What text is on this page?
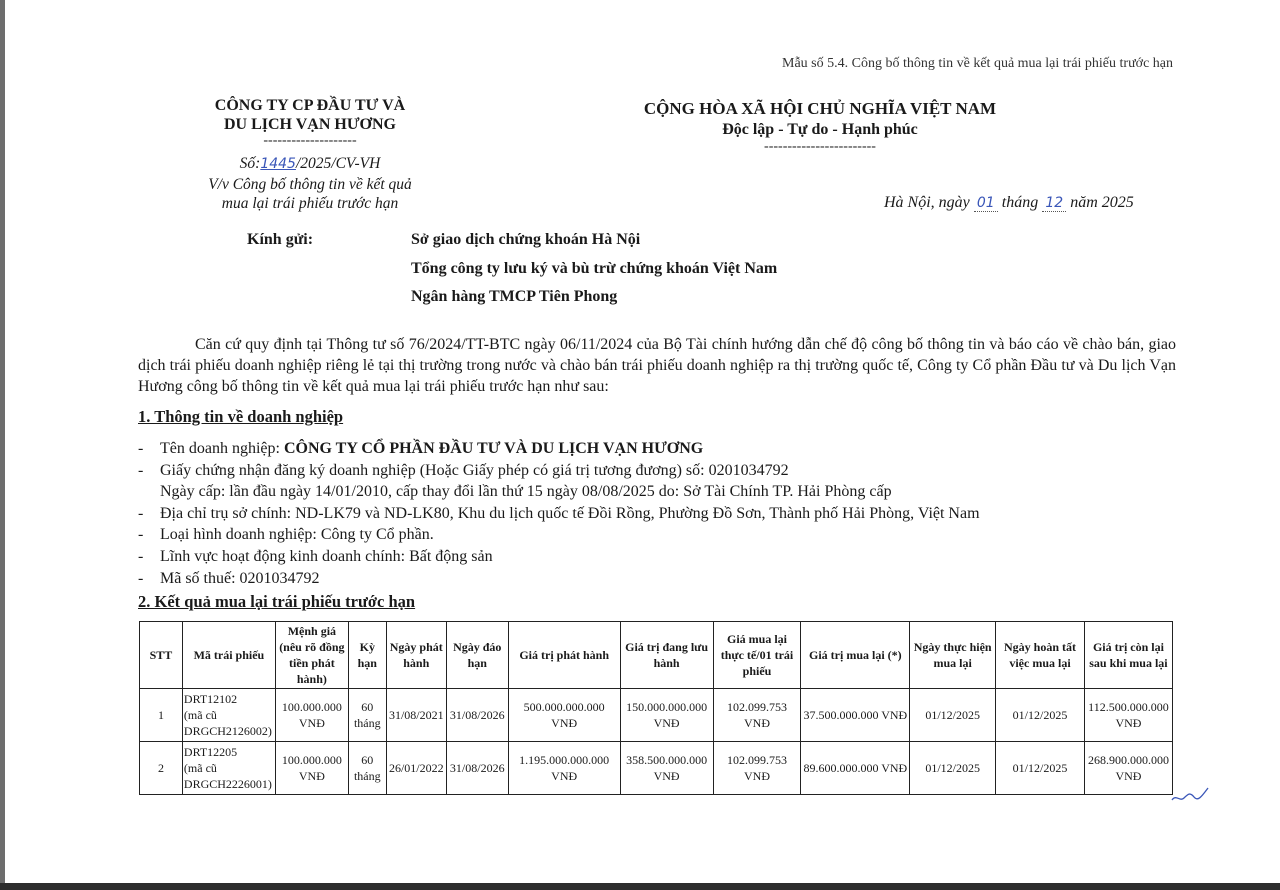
Mẫu số 5.4. Công bố thông tin về kết quả mua lại trái phiếu trước hạn
CÔNG TY CP ĐẦU TƯ VÀ
DU LỊCH VẠN HƯƠNG
--------------------
Số:1445/2025/CV-VH
V/v Công bố thông tin về kết quả
mua lại trái phiếu trước hạn
CỘNG HÒA XÃ HỘI CHỦ NGHĨA VIỆT NAM
Độc lập - Tự do - Hạnh phúc
------------------------
Hà Nội, ngày 01 tháng 12 năm 2025
Kính gửi:	Sở giao dịch chứng khoán Hà Nội
Tổng công ty lưu ký và bù trừ chứng khoán Việt Nam
Ngân hàng TMCP Tiên Phong
Căn cứ quy định tại Thông tư số 76/2024/TT-BTC ngày 06/11/2024 của Bộ Tài chính hướng dẫn chế độ công bố thông tin và báo cáo về chào bán, giao dịch trái phiếu doanh nghiệp riêng lẻ tại thị trường trong nước và chào bán trái phiếu doanh nghiệp ra thị trường quốc tế, Công ty Cổ phần Đầu tư và Du lịch Vạn Hương công bố thông tin về kết quả mua lại trái phiếu trước hạn như sau:
1. Thông tin về doanh nghiệp
-	Tên doanh nghiệp: CÔNG TY CỔ PHẦN ĐẦU TƯ VÀ DU LỊCH VẠN HƯƠNG
-	Giấy chứng nhận đăng ký doanh nghiệp (Hoặc Giấy phép có giá trị tương đương) số: 0201034792
Ngày cấp: lần đầu ngày 14/01/2010, cấp thay đổi lần thứ 15 ngày 08/08/2025 do: Sở Tài Chính TP. Hải Phòng cấp
-	Địa chỉ trụ sở chính: ND-LK79 và ND-LK80, Khu du lịch quốc tế Đồi Rồng, Phường Đồ Sơn, Thành phố Hải Phòng, Việt Nam
-	Loại hình doanh nghiệp: Công ty Cổ phần.
-	Lĩnh vực hoạt động kinh doanh chính: Bất động sản
-	Mã số thuế: 0201034792
2. Kết quả mua lại trái phiếu trước hạn
STT	Mã trái phiếu	Mệnh giá (nêu rõ đồng tiền phát hành)	Kỳ hạn	Ngày phát hành	Ngày đáo hạn	Giá trị phát hành	Giá trị đang lưu hành	Giá mua lại thực tế/01 trái phiếu	Giá trị mua lại (*)	Ngày thực hiện mua lại	Ngày hoàn tất việc mua lại	Giá trị còn lại sau khi mua lại
1	DRT12102
(mã cũ
DRGCH2126002)	100.000.000 VNĐ	60 tháng	31/08/2021	31/08/2026	500.000.000.000 VNĐ	150.000.000.000 VNĐ	102.099.753 VNĐ	37.500.000.000 VNĐ	01/12/2025	01/12/2025	112.500.000.000 VNĐ
2	DRT12205
(mã cũ
DRGCH2226001)	100.000.000 VNĐ	60 tháng	26/01/2022	31/08/2026	1.195.000.000.000 VNĐ	358.500.000.000 VNĐ	102.099.753 VNĐ	89.600.000.000 VNĐ	01/12/2025	01/12/2025	268.900.000.000 VNĐ
